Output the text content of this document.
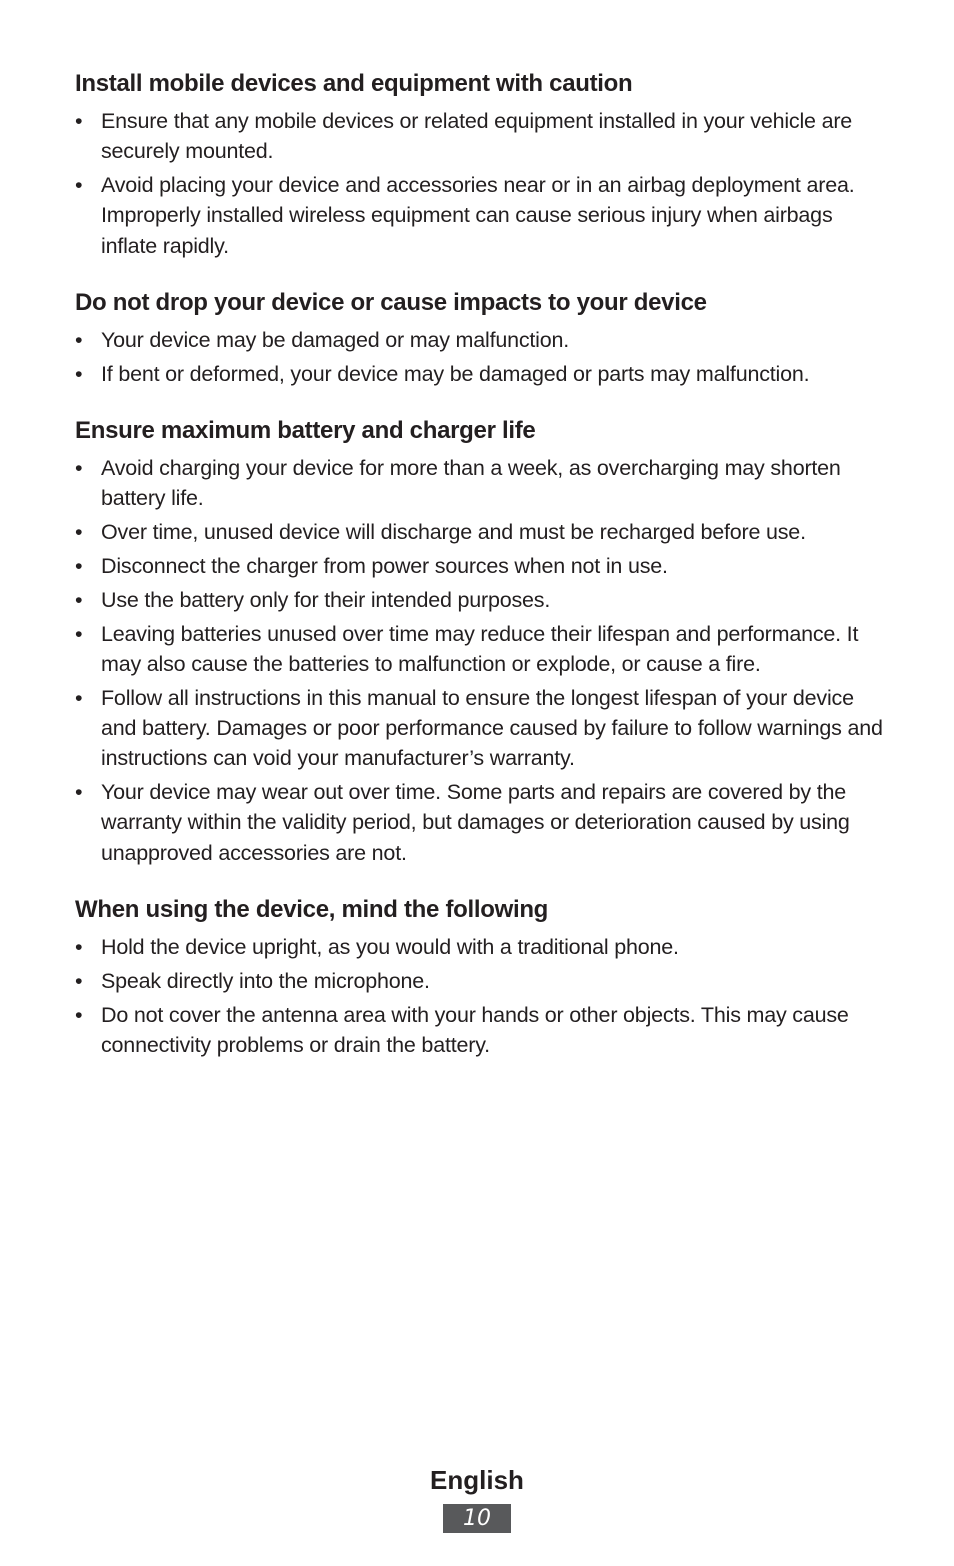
Install mobile devices and equipment with caution
• Ensure that any mobile devices or related equipment installed in your vehicle are securely mounted.
• Avoid placing your device and accessories near or in an airbag deployment area. Improperly installed wireless equipment can cause serious injury when airbags inflate rapidly.
Do not drop your device or cause impacts to your device
• Your device may be damaged or may malfunction.
• If bent or deformed, your device may be damaged or parts may malfunction.
Ensure maximum battery and charger life
• Avoid charging your device for more than a week, as overcharging may shorten battery life.
• Over time, unused device will discharge and must be recharged before use.
• Disconnect the charger from power sources when not in use.
• Use the battery only for their intended purposes.
• Leaving batteries unused over time may reduce their lifespan and performance. It may also cause the batteries to malfunction or explode, or cause a fire.
• Follow all instructions in this manual to ensure the longest lifespan of your device and battery. Damages or poor performance caused by failure to follow warnings and instructions can void your manufacturer’s warranty.
• Your device may wear out over time. Some parts and repairs are covered by the warranty within the validity period, but damages or deterioration caused by using unapproved accessories are not.
When using the device, mind the following
• Hold the device upright, as you would with a traditional phone.
• Speak directly into the microphone.
• Do not cover the antenna area with your hands or other objects. This may cause connectivity problems or drain the battery.
English
10
